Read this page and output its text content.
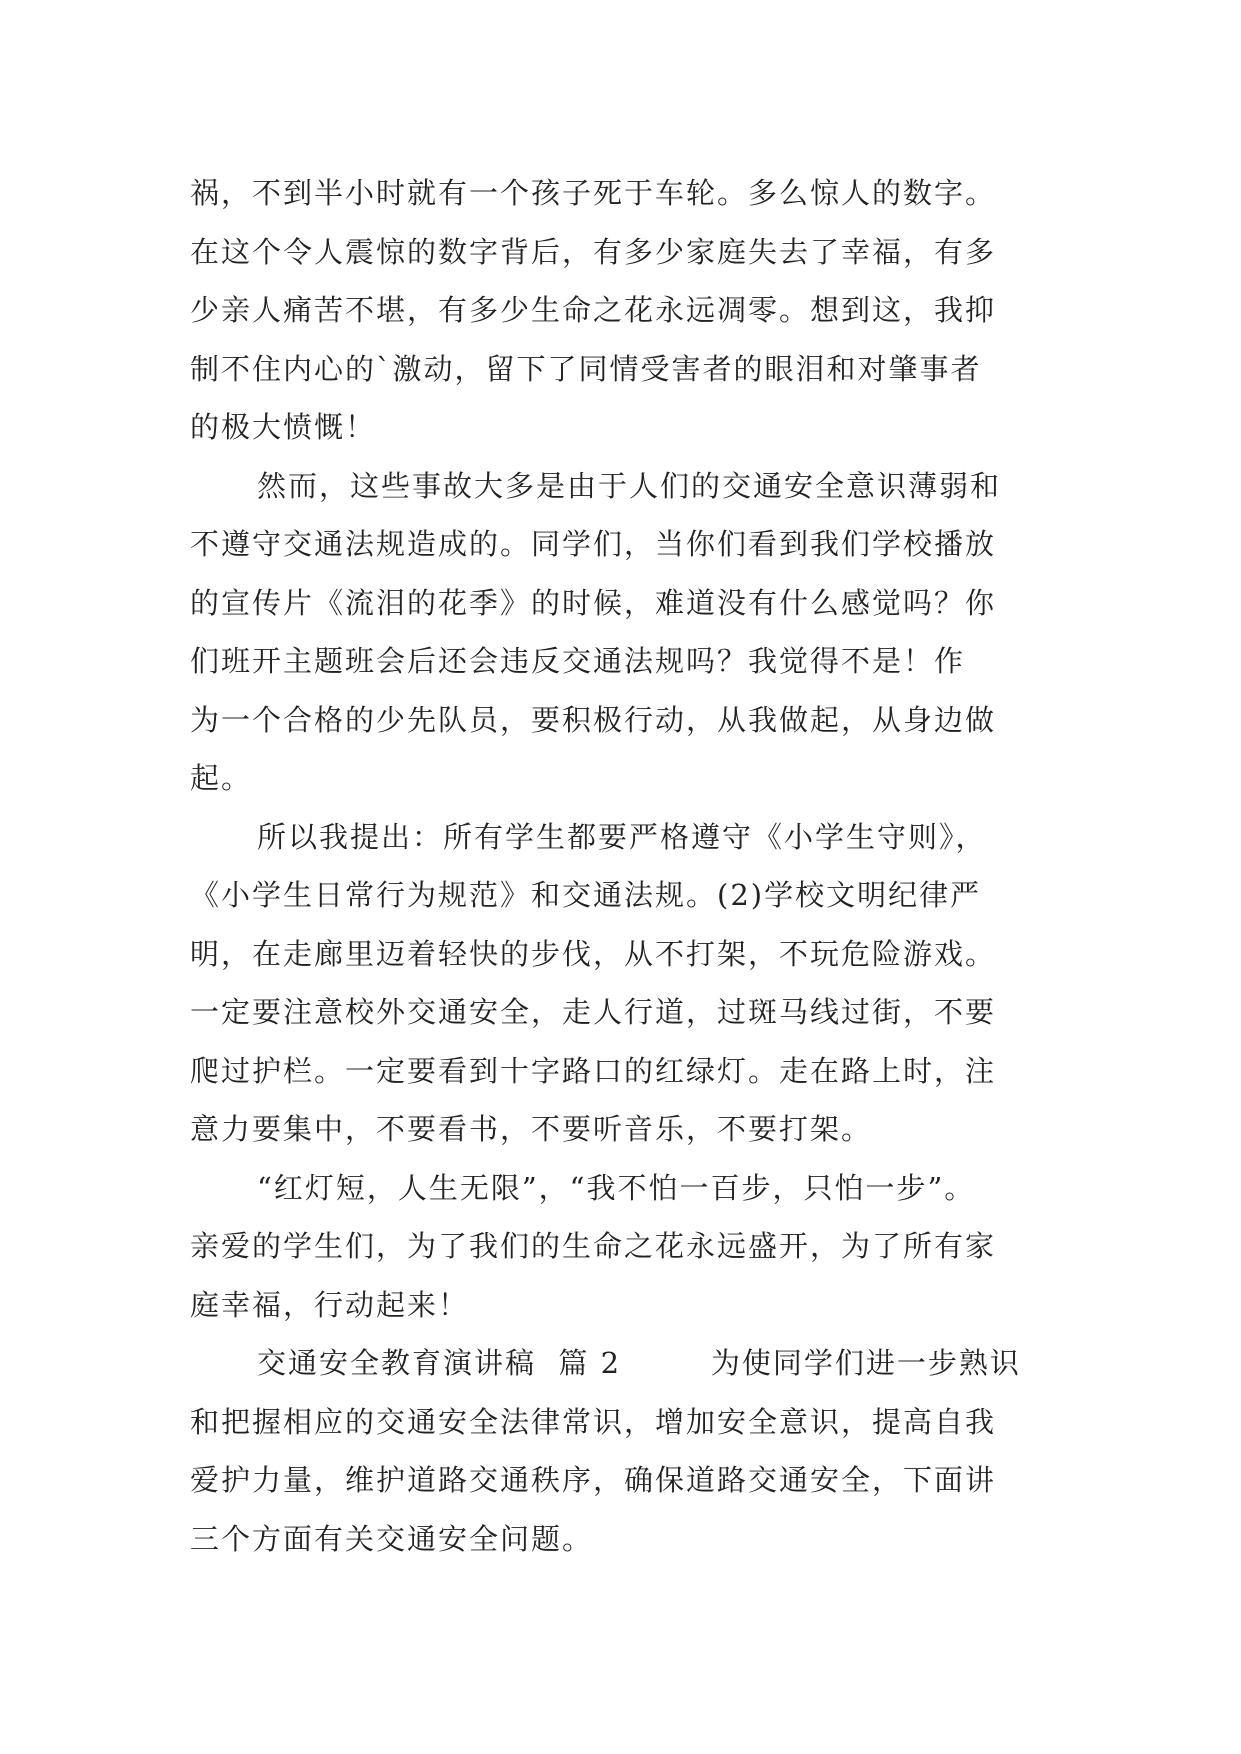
祸，不到半小时就有一个孩子死于车轮。多么惊人的数字。
在这个令人震惊的数字背后，有多少家庭失去了幸福，有多
少亲人痛苦不堪，有多少生命之花永远凋零。想到这，我抑
制不住内心的`激动，留下了同情受害者的眼泪和对肇事者
的极大愤慨！
然而，这些事故大多是由于人们的交通安全意识薄弱和
不遵守交通法规造成的。同学们，当你们看到我们学校播放
的宣传片《流泪的花季》的时候，难道没有什么感觉吗？你
们班开主题班会后还会违反交通法规吗？我觉得不是！作
为一个合格的少先队员，要积极行动，从我做起，从身边做
起。
所以我提出：所有学生都要严格遵守《小学生守则》，
《小学生日常行为规范》和交通法规。(2)学校文明纪律严
明，在走廊里迈着轻快的步伐，从不打架，不玩危险游戏。
一定要注意校外交通安全，走人行道，过斑马线过街，不要
爬过护栏。一定要看到十字路口的红绿灯。走在路上时，注
意力要集中，不要看书，不要听音乐，不要打架。
“红灯短，人生无限”，“我不怕一百步，只怕一步”。
亲爱的学生们，为了我们的生命之花永远盛开，为了所有家
庭幸福，行动起来！
交通安全教育演讲稿  篇 2        为使同学们进一步熟识
和把握相应的交通安全法律常识，增加安全意识，提高自我
爱护力量，维护道路交通秩序，确保道路交通安全，下面讲
三个方面有关交通安全问题。
